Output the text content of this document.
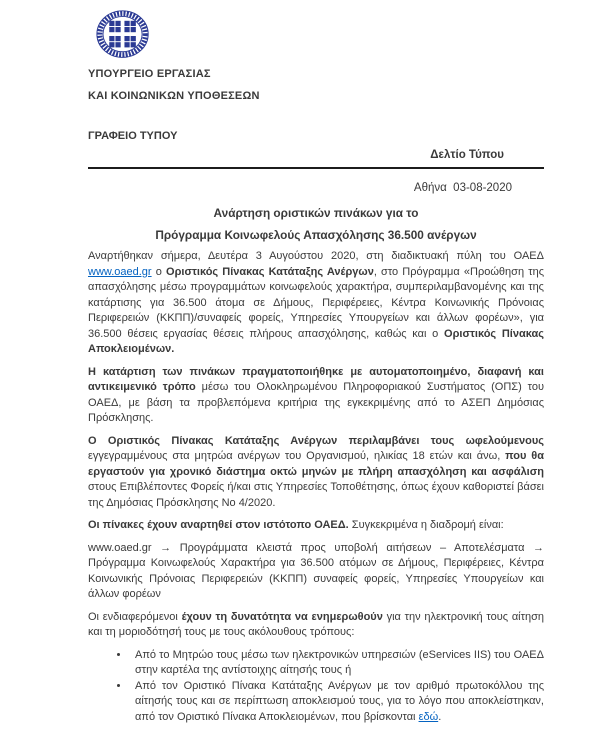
ΥΠΟΥΡΓΕΙΟ ΕΡΓΑΣΙΑΣ
ΚΑΙ ΚΟΙΝΩΝΙΚΩΝ ΥΠΟΘΕΣΕΩΝ
ΓΡΑΦΕΙΟ ΤΥΠΟΥ
Δελτίο Τύπου
Αθήνα  03-08-2020
Ανάρτηση οριστικών πινάκων για το
Πρόγραμμα Κοινωφελούς Απασχόλησης 36.500 ανέργων

Αναρτήθηκαν σήμερα, Δευτέρα 3 Αυγούστου 2020, στη διαδικτυακή πύλη του ΟΑΕΔ www.oaed.gr ο Οριστικός Πίνακας Κατάταξης Ανέργων, στο Πρόγραμμα «Προώθηση της απασχόλησης μέσω προγραμμάτων κοινωφελούς χαρακτήρα, συμπεριλαμβανομένης και της κατάρτισης για 36.500 άτομα σε Δήμους, Περιφέρειες, Κέντρα Κοινωνικής Πρόνοιας Περιφερειών (ΚΚΠΠ)/συναφείς φορείς, Υπηρεσίες Υπουργείων και άλλων φορέων», για 36.500 θέσεις εργασίας θέσεις πλήρους απασχόλησης, καθώς και ο Οριστικός Πίνακας Αποκλειομένων.

Η κατάρτιση των πινάκων πραγματοποιήθηκε με αυτοματοποιημένο, διαφανή και αντικειμενικό τρόπο μέσω του Ολοκληρωμένου Πληροφοριακού Συστήματος (ΟΠΣ) του ΟΑΕΔ, με βάση τα προβλεπόμενα κριτήρια της εγκεκριμένης από το ΑΣΕΠ Δημόσιας Πρόσκλησης.

Ο Οριστικός Πίνακας Κατάταξης Ανέργων περιλαμβάνει τους ωφελούμενους εγγεγραμμένους στα μητρώα ανέργων του Οργανισμού, ηλικίας 18 ετών και άνω, που θα εργαστούν για χρονικό διάστημα οκτώ μηνών με πλήρη απασχόληση και ασφάλιση στους Επιβλέποντες Φορείς ή/και στις Υπηρεσίες Τοποθέτησης, όπως έχουν καθοριστεί βάσει της Δημόσιας Πρόσκλησης Νο 4/2020.

Οι πίνακες έχουν αναρτηθεί στον ιστότοπο ΟΑΕΔ. Συγκεκριμένα η διαδρομή είναι:

www.oaed.gr → Προγράμματα κλειστά προς υποβολή αιτήσεων – Αποτελέσματα → Πρόγραμμα Κοινωφελούς Χαρακτήρα για 36.500 ατόμων σε Δήμους, Περιφέρειες, Κέντρα Κοινωνικής Πρόνοιας Περιφερειών (ΚΚΠΠ) συναφείς φορείς, Υπηρεσίες Υπουργείων και άλλων φορέων

Οι ενδιαφερόμενοι έχουν τη δυνατότητα να ενημερωθούν για την ηλεκτρονική τους αίτηση και τη μοριοδότησή τους με τους ακόλουθους τρόπους:

• Από το Μητρώο τους μέσω των ηλεκτρονικών υπηρεσιών (eServices IIS) του ΟΑΕΔ στην καρτέλα της αντίστοιχης αίτησής τους ή
• Από τον Οριστικό Πίνακα Κατάταξης Ανέργων με τον αριθμό πρωτοκόλλου της αίτησής τους και σε περίπτωση αποκλεισμού τους, για το λόγο που αποκλείστηκαν, από τον Οριστικό Πίνακα Αποκλειομένων, που βρίσκονται εδώ.
